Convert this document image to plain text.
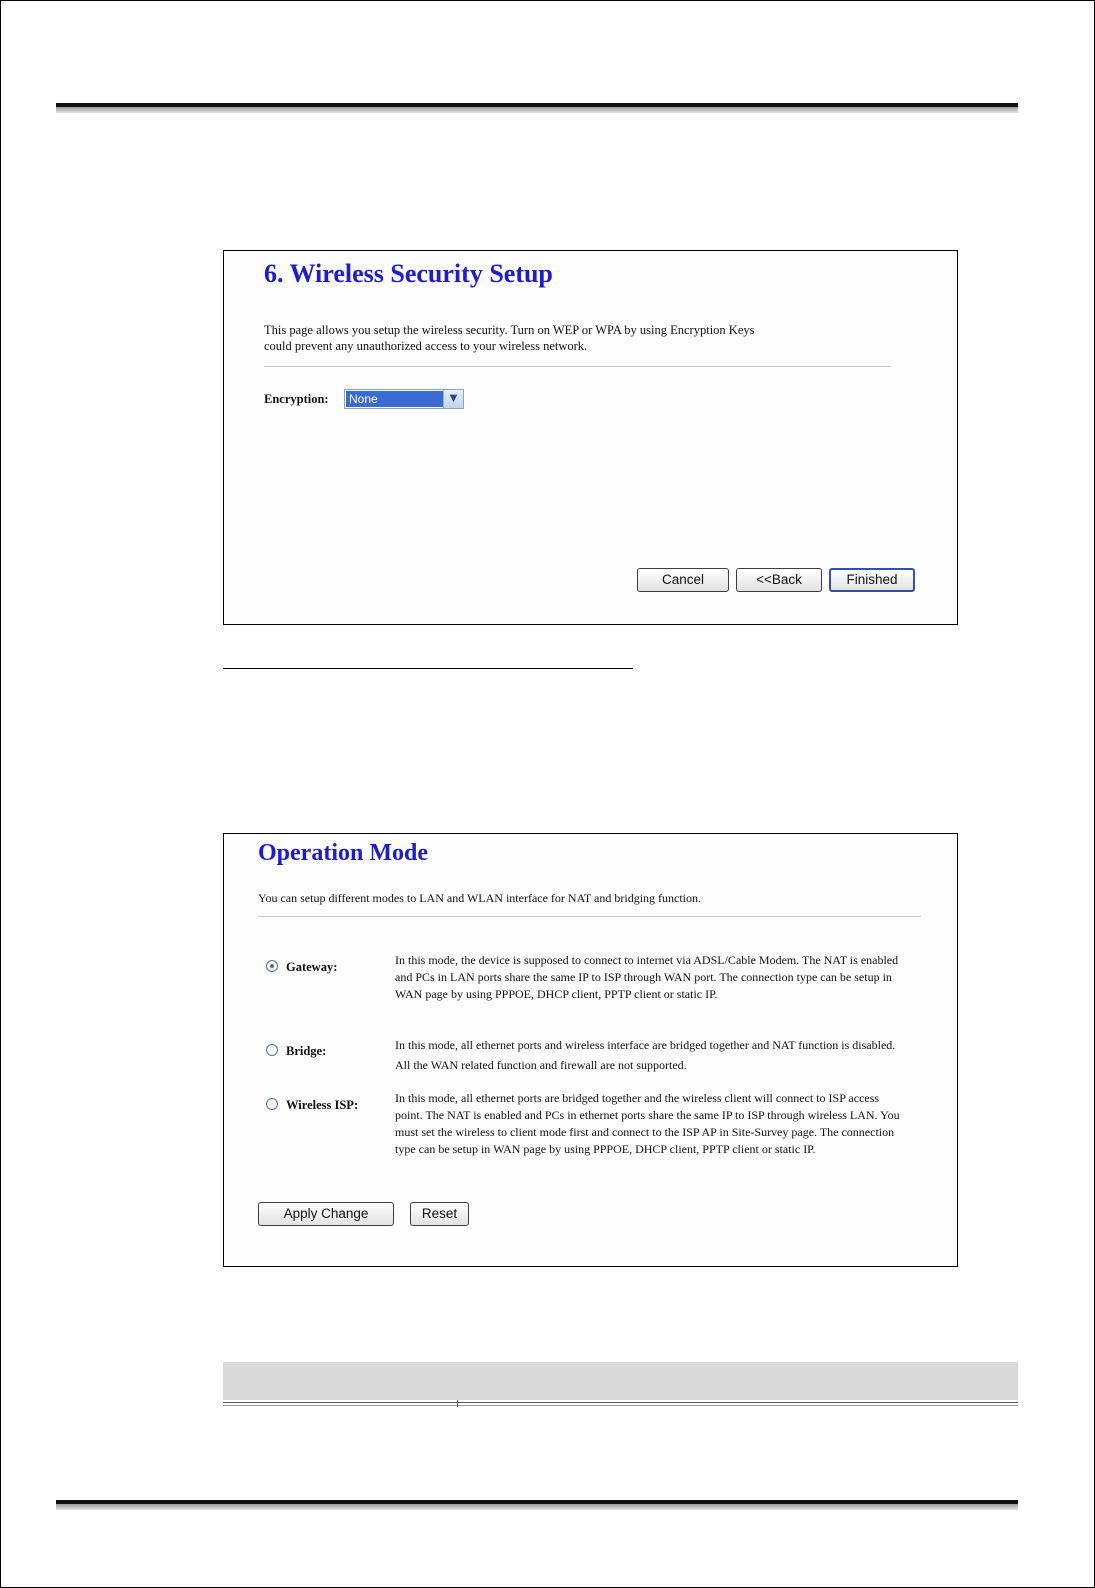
6. Wireless Security Setup
This page allows you setup the wireless security. Turn on WEP or WPA by using Encryption Keys
could prevent any unauthorized access to your wireless network.
Encryption: None	▼
Cancel	<<Back	Finished
Operation Mode
You can setup different modes to LAN and WLAN interface for NAT and bridging function.
Gateway:	In this mode, the device is supposed to connect to internet via ADSL/Cable Modem. The NAT is enabled and PCs in LAN ports share the same IP to ISP through WAN port. The connection type can be setup in WAN page by using PPPOE, DHCP client, PPTP client or static IP.
Bridge:	In this mode, all ethernet ports and wireless interface are bridged together and NAT function is disabled. All the WAN related function and firewall are not supported.
Wireless ISP:	In this mode, all ethernet ports are bridged together and the wireless client will connect to ISP access point. The NAT is enabled and PCs in ethernet ports share the same IP to ISP through wireless LAN. You must set the wireless to client mode first and connect to the ISP AP in Site-Survey page. The connection type can be setup in WAN page by using PPPOE, DHCP client, PPTP client or static IP.
Apply Change	Reset
